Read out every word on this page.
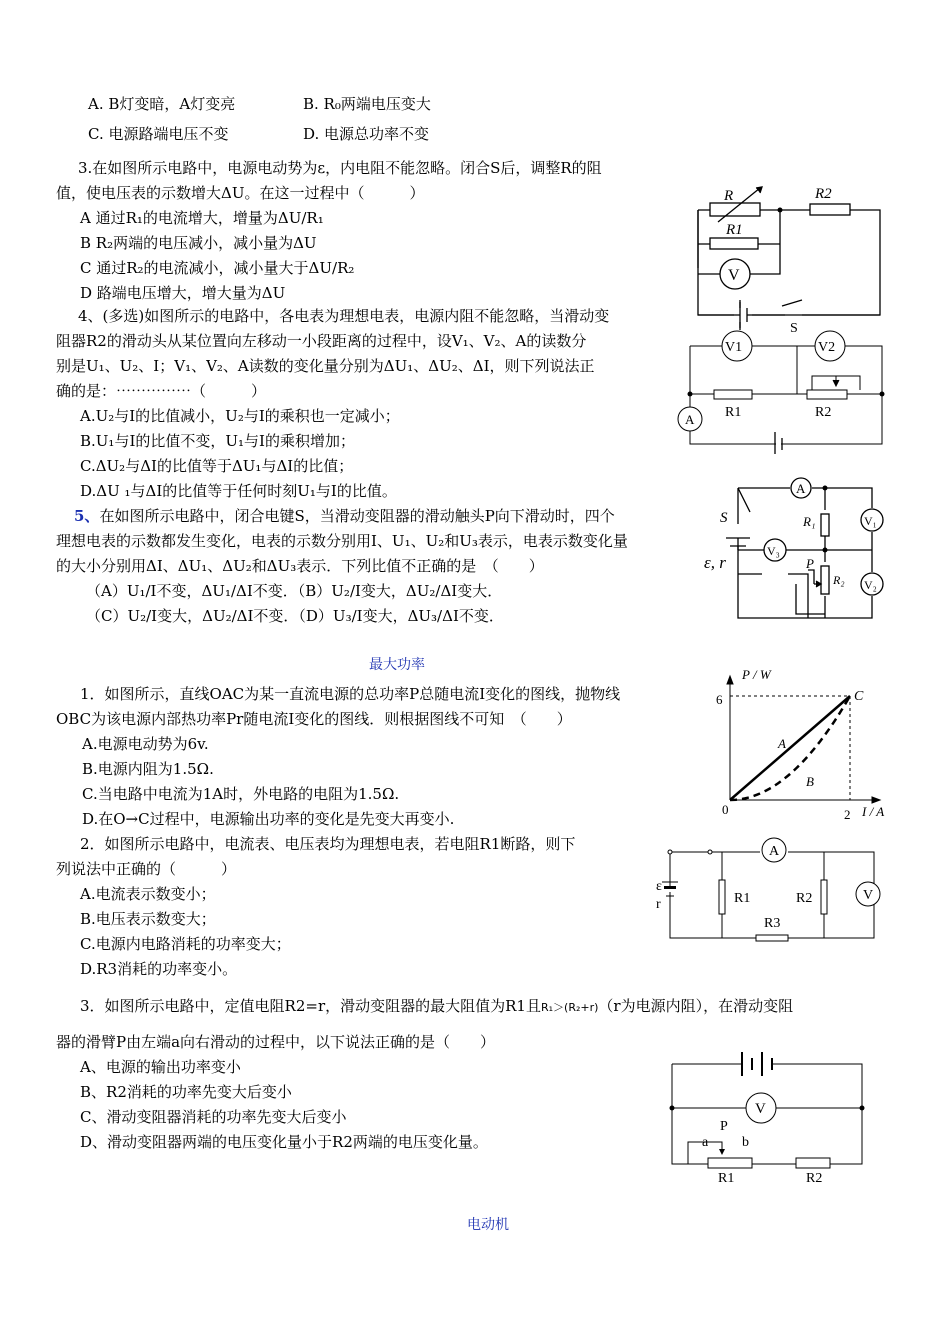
A. B灯变暗，A灯变亮	B. R₀两端电压变大
C. 电源路端电压不变	D. 电源总功率不变
3.在如图所示电路中，电源电动势为ε，内电阻不能忽略。闭合S后，调整R的阻
值，使电压表的示数增大ΔU。在这一过程中（　　　）
A 通过R₁的电流增大，增量为ΔU/R₁
B R₂两端的电压减小，减小量为ΔU
C 通过R₂的电流减小，减小量大于ΔU/R₂
D 路端电压增大，增大量为ΔU
R	R2
R1
V
S
4、(多选)如图所示的电路中，各电表为理想电表，电源内阻不能忽略，当滑动变
阻器R2的滑动头从某位置向左移动一小段距离的过程中，设V₁、V₂、A的读数分
别是U₁、U₂、I；V₁、V₂、A读数的变化量分别为ΔU₁、ΔU₂、ΔI，则下列说法正
确的是：⋯⋯⋯⋯⋯（　　　）
A.U₂与I的比值减小，U₂与I的乘积也一定减小；
B.U₁与I的比值不变，U₁与I的乘积增加；
C.ΔU₂与ΔI的比值等于ΔU₁与ΔI的比值；
D.ΔU ₁与ΔI的比值等于任何时刻U₁与I的比值。
V1	V2
R1	R2
A
5、在如图所示电路中，闭合电键S，当滑动变阻器的滑动触头P向下滑动时，四个
理想电表的示数都发生变化，电表的示数分别用I、U₁、U₂和U₃表示，电表示数变化量
的大小分别用ΔI、ΔU₁、ΔU₂和ΔU₃表示．下列比值不正确的是　（　　）
（A）U₁/I不变，ΔU₁/ΔI不变．（B）U₂/I变大，ΔU₂/ΔI变大．
（C）U₂/I变大，ΔU₂/ΔI不变．（D）U₃/I变大，ΔU₃/ΔI不变．
S
ε, r
A
R₁	V₁
V₃
P
R₂ V₂
最大功率
1．如图所示，直线OAC为某一直流电源的总功率P总随电流I变化的图线，抛物线
OBC为该电源内部热功率Pr随电流I变化的图线．则根据图线不可知　（　　）
A.电源电动势为6v.
B.电源内阻为1.5Ω.
C.当电路中电流为1A时，外电路的电阻为1.5Ω.
D.在O→C过程中，电源输出功率的变化是先变大再变小.
P / W
I / A
6
0	2
C
A
B
2．如图所示电路中，电流表、电压表均为理想电表，若电阻R1断路，则下
列说法中正确的（　　　）
A.电流表示数变小；
B.电压表示数变大；
C.电源内电路消耗的功率变大；
D.R3消耗的功率变小。
A
ε
r	R1	R2
R3
V
3．如图所示电路中，定值电阻R2=r，滑动变阻器的最大阻值为R1且R₁＞(R₂+r)（r为电源内阻），在滑动变阻
器的滑臂P由左端a向右滑动的过程中，以下说法正确的是（　　）
A、电源的输出功率变小
B、R2消耗的功率先变大后变小
C、滑动变阻器消耗的功率先变大后变小
D、滑动变阻器两端的电压变化量小于R2两端的电压变化量。
V
P
a b
R1	R2
电动机
